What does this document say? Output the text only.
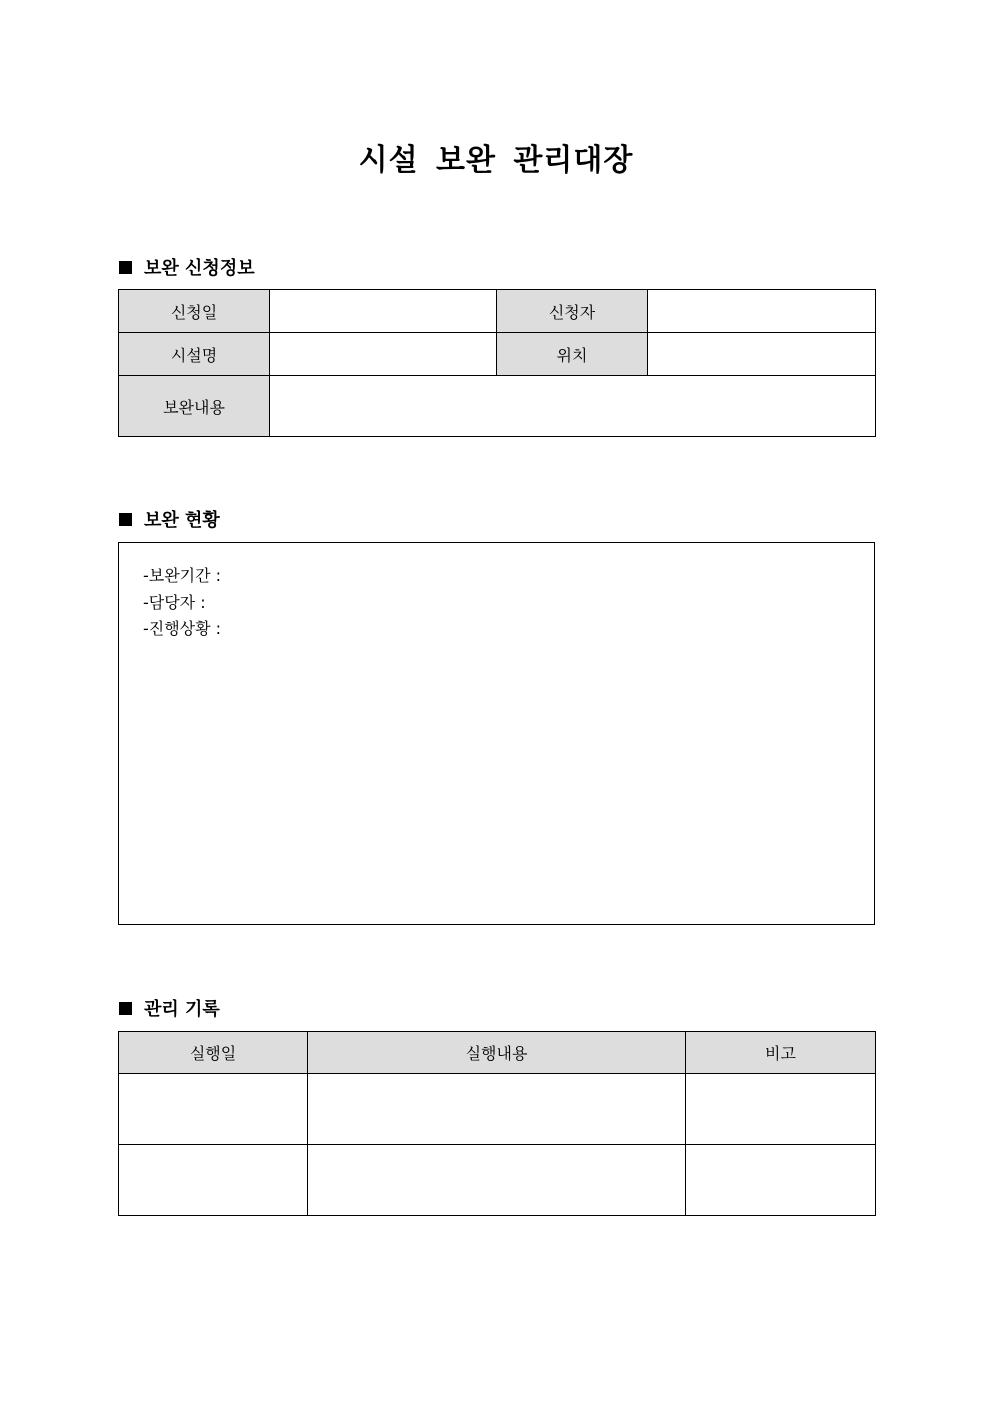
시설 보완 관리대장
보완 신청정보
신청일		신청자	
시설명		위치	
보완내용			
보완 현황
-보완기간 :
-담당자 :
-진행상황 :
관리 기록
실행일	실행내용	비고
